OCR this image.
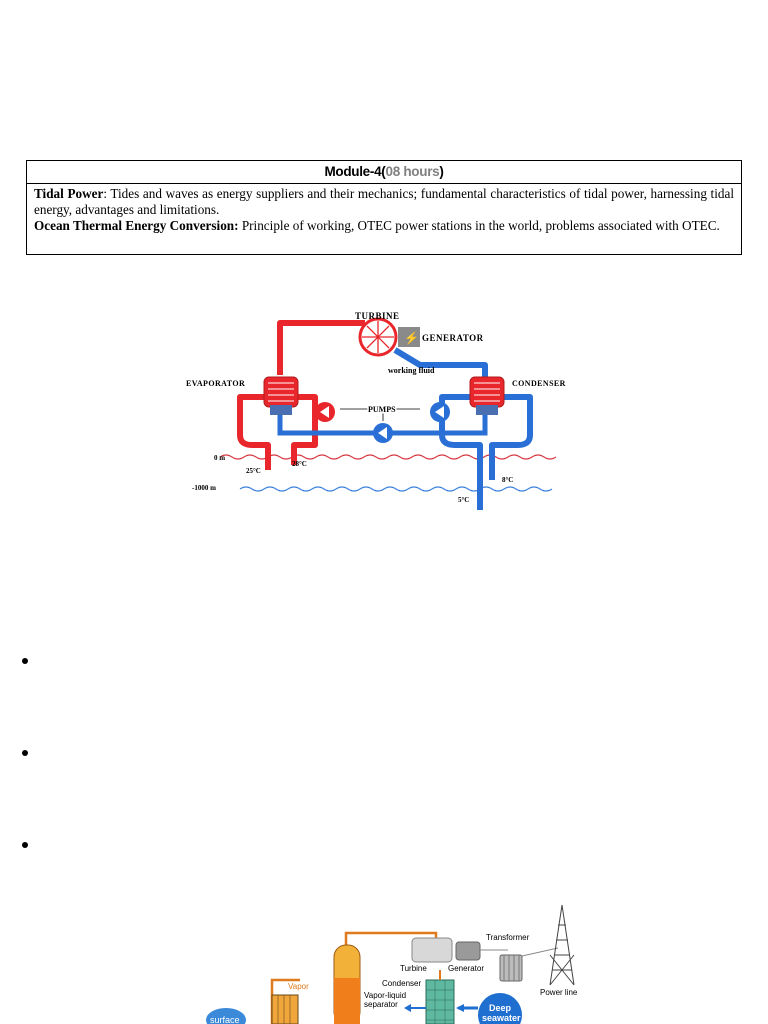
Module-4(08 hours)
Tidal Power: Tides and waves as energy suppliers and their mechanics; fundamental characteristics of tidal power, harnessing tidal energy, advantages and limitations.
Ocean Thermal Energy Conversion: Principle of working, OTEC power stations in the world, problems associated with OTEC.
⚡
TURBINE
GENERATOR
working fluid
EVAPORATOR	CONDENSER
PUMPS
0 m
-1000 m
25°C
28°C
8°C
5°C
Transformer
Turbine	Generator
Power line
Condenser
Vapor
Vapor-liquid
separator	Deep
seawater
surface
